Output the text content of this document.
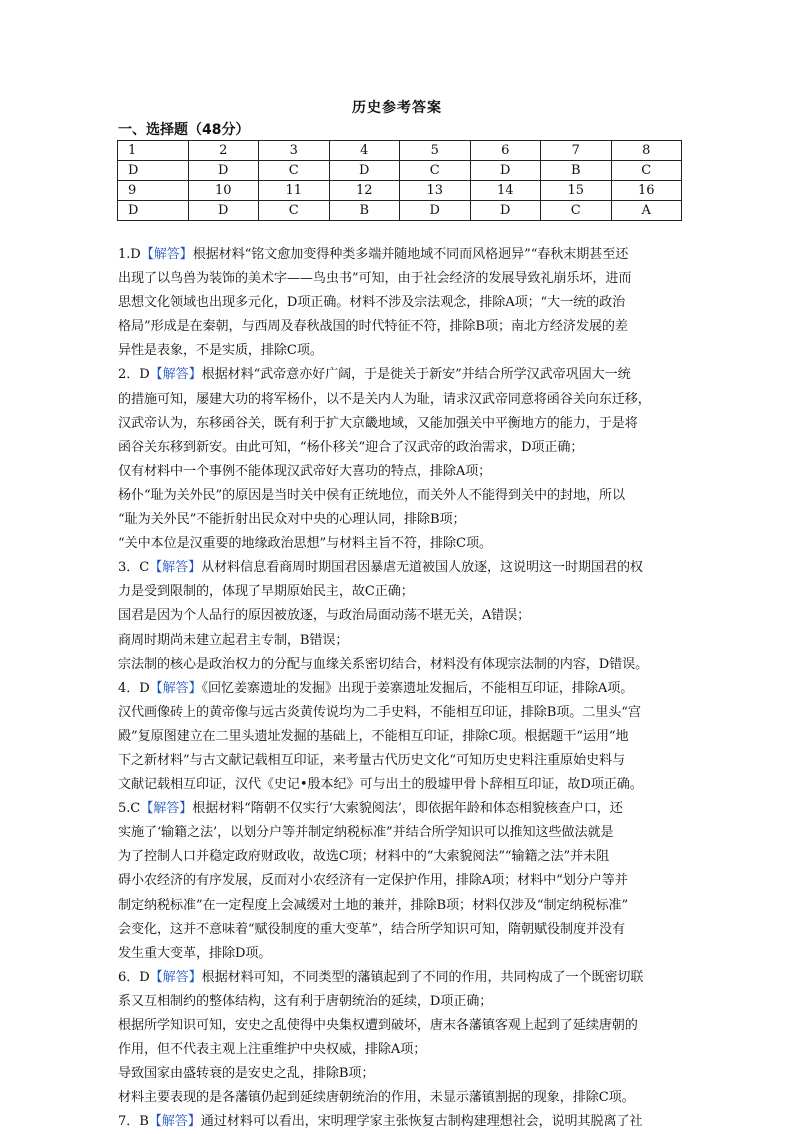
历史参考答案
一、选择题（48分）
1	2	3	4	5	6	7	8
D	D	C	D	C	D	B	C
9	10	11	12	13	14	15	16
D	D	C	B	D	D	C	A
1.D【解答】根据材料“铭文愈加变得种类多端并随地域不同而风格迥异”“春秋末期甚至还
出现了以鸟兽为装饰的美术字——鸟虫书”可知，由于社会经济的发展导致礼崩乐坏，进而
思想文化领域也出现多元化，D项正确。材料不涉及宗法观念，排除A项；“大一统的政治
格局”形成是在秦朝，与西周及春秋战国的时代特征不符，排除B项；南北方经济发展的差
异性是表象，不是实质，排除C项。
2．D【解答】根据材料“武帝意亦好广阔，于是徙关于新安”并结合所学汉武帝巩固大一统
的措施可知，屡建大功的将军杨仆，以不是关内人为耻，请求汉武帝同意将函谷关向东迁移，
汉武帝认为，东移函谷关，既有利于扩大京畿地域，又能加强关中平衡地方的能力，于是将
函谷关东移到新安。由此可知，“杨仆移关”迎合了汉武帝的政治需求，D项正确；
仅有材料中一个事例不能体现汉武帝好大喜功的特点，排除A项；
杨仆“耻为关外民”的原因是当时关中侯有正统地位，而关外人不能得到关中的封地，所以
“耻为关外民”不能折射出民众对中央的心理认同，排除B项；
“关中本位是汉重要的地缘政治思想”与材料主旨不符，排除C项。
3．C【解答】从材料信息看商周时期国君因暴虐无道被国人放逐，这说明这一时期国君的权
力是受到限制的，体现了早期原始民主，故C正确；
国君是因为个人品行的原因被放逐，与政治局面动荡不堪无关，A错误；
商周时期尚未建立起君主专制，B错误；
宗法制的核心是政治权力的分配与血缘关系密切结合，材料没有体现宗法制的内容，D错误。
4．D【解答】《回忆姜寨遗址的发掘》出现于姜寨遗址发掘后，不能相互印证，排除A项。
汉代画像砖上的黄帝像与远古炎黄传说均为二手史料，不能相互印证，排除B项。二里头“宫
殿”复原图建立在二里头遗址发掘的基础上，不能相互印证，排除C项。根据题干“运用“地
下之新材料”与古文献记载相互印证，来考量古代历史文化“可知历史史料注重原始史料与
文献记载相互印证，汉代《史记•殷本纪》可与出土的殷墟甲骨卜辞相互印证，故D项正确。
5.C【解答】根据材料“隋朝不仅实行‘大索貌阅法’，即依据年龄和体态相貌核查户口，还
实施了‘输籍之法’，以划分户等并制定纳税标准”并结合所学知识可以推知这些做法就是
为了控制人口并稳定政府财政收，故选C项；材料中的“大索貌阅法”“输籍之法”并未阻
碍小农经济的有序发展，反而对小农经济有一定保护作用，排除A项；材料中“划分户等并
制定纳税标准”在一定程度上会减缓对土地的兼并，排除B项；材料仅涉及“制定纳税标准”
会变化，这并不意味着“赋役制度的重大变革”，结合所学知识可知，隋朝赋役制度并没有
发生重大变革，排除D项。
6．D【解答】根据材料可知，不同类型的藩镇起到了不同的作用，共同构成了一个既密切联
系又互相制约的整体结构，这有利于唐朝统治的延续，D项正确；
根据所学知识可知，安史之乱使得中央集权遭到破坏，唐末各藩镇客观上起到了延续唐朝的
作用，但不代表主观上注重维护中央权威，排除A项；
导致国家由盛转衰的是安史之乱，排除B项；
材料主要表现的是各藩镇仍起到延续唐朝统治的作用，未显示藩镇割据的现象，排除C项。
7．B【解答】通过材料可以看出，宋明理学家主张恢复古制构建理想社会，说明其脱离了社
